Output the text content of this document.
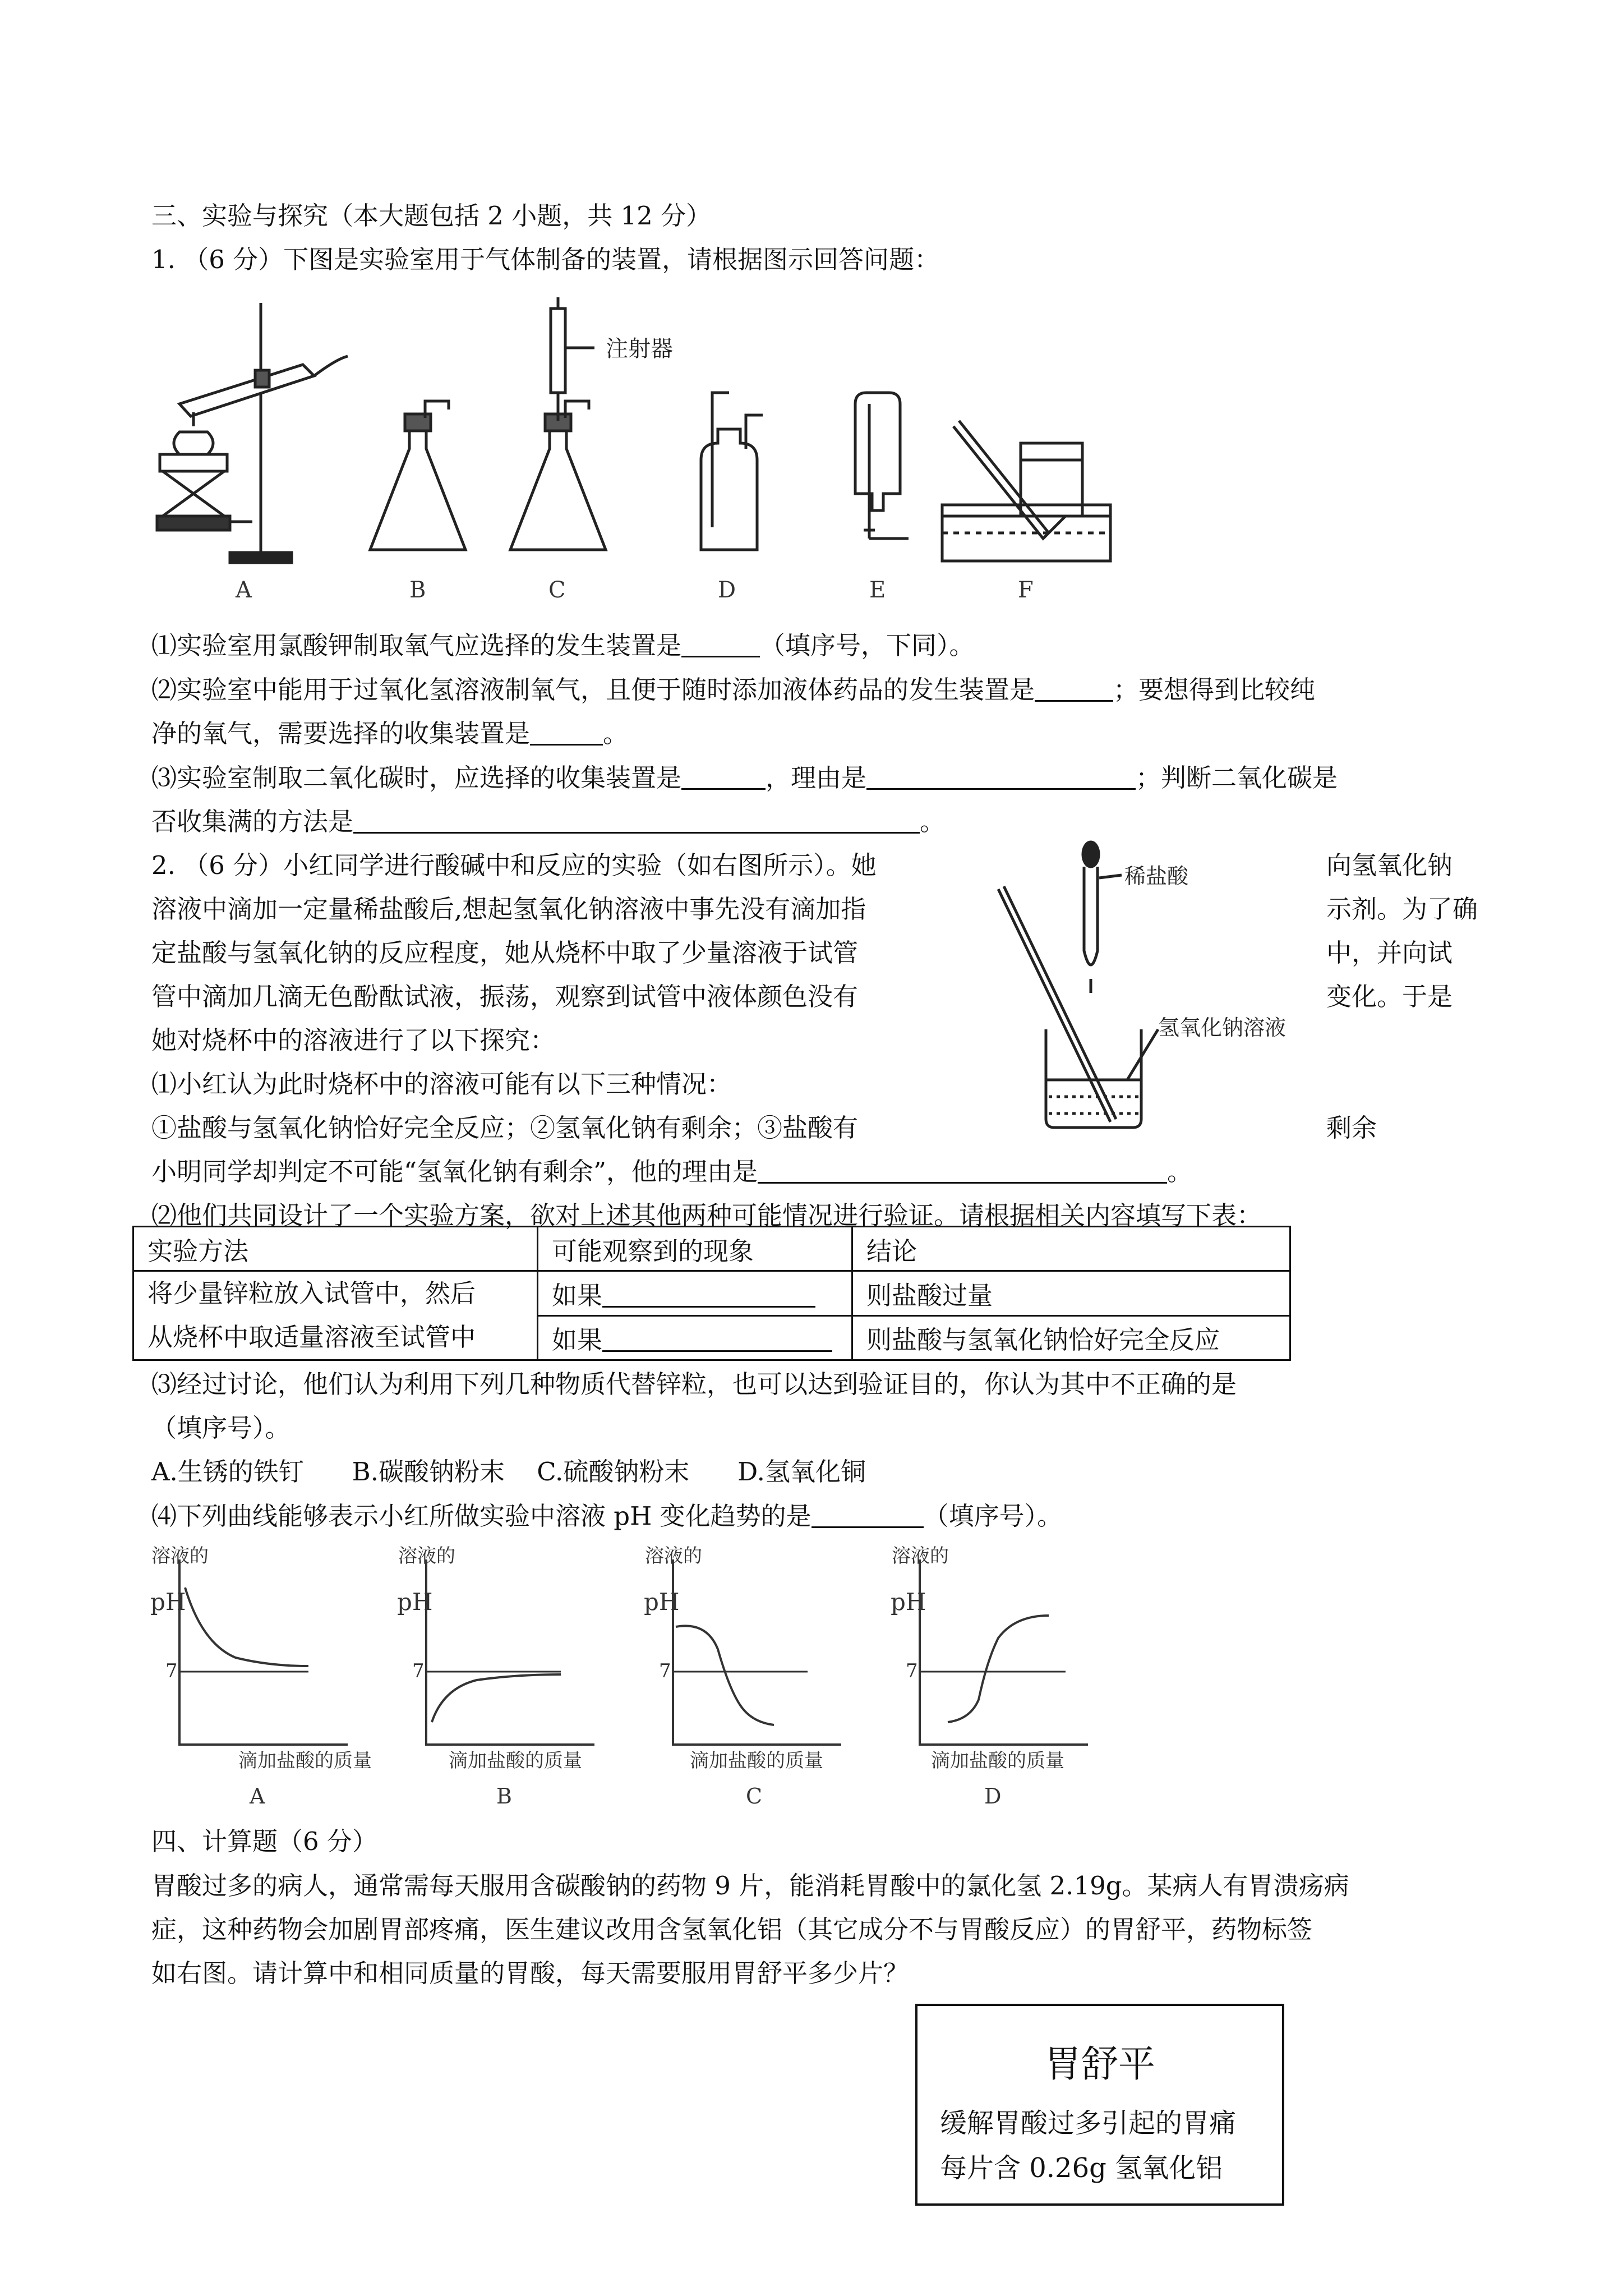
三、实验与探究（本大题包括 2 小题，共 12 分）
1. （6 分）下图是实验室用于气体制备的装置，请根据图示回答问题：
注射器
A	B	C	D	E	F
⑴实验室用氯酸钾制取氧气应选择的发生装置是	（填序号，下同）。
⑵实验室中能用于过氧化氢溶液制氧气，且便于随时添加液体药品的发生装置是	；要想得到比较纯
净的氧气，需要选择的收集装置是	。
⑶实验室制取二氧化碳时，应选择的收集装置是	，理由是	；判断二氧化碳是
否收集满的方法是	。
2. （6 分）小红同学进行酸碱中和反应的实验（如右图所示）。她	向氢氧化钠
溶液中滴加一定量稀盐酸后,想起氢氧化钠溶液中事先没有滴加指	示剂。为了确
定盐酸与氢氧化钠的反应程度，她从烧杯中取了少量溶液于试管	中，并向试
管中滴加几滴无色酚酞试液，振荡，观察到试管中液体颜色没有	变化。于是
她对烧杯中的溶液进行了以下探究：
⑴小红认为此时烧杯中的溶液可能有以下三种情况：
①盐酸与氢氧化钠恰好完全反应；②氢氧化钠有剩余；③盐酸有	剩余
稀盐酸
氢氧化钠溶液
小明同学却判定不可能“氢氧化钠有剩余”，他的理由是	。
⑵他们共同设计了一个实验方案，欲对上述其他两种可能情况进行验证。请根据相关内容填写下表：
实验方法	可能观察到的现象	结论

将少量锌粒放入试管中，然后
从烧杯中取适量溶液至试管中	如果	则盐酸过量
	如果	则盐酸与氢氧化钠恰好完全反应
⑶经过讨论，他们认为利用下列几种物质代替锌粒，也可以达到验证目的，你认为其中不正确的是
（填序号）。
A.生锈的铁钉      B.碳酸钠粉末    C.硫酸钠粉末      D.氢氧化铜
⑷下列曲线能够表示小红所做实验中溶液 pH 变化趋势的是	（填序号）。
溶液的
pH
7
滴加盐酸的质量
A
溶液的
pH
7
滴加盐酸的质量
B
溶液的
pH
7
滴加盐酸的质量
C
溶液的
pH
7
滴加盐酸的质量
D
四、计算题（6 分）
胃酸过多的病人，通常需每天服用含碳酸钠的药物 9 片，能消耗胃酸中的氯化氢 2.19g。某病人有胃溃疡病
症，这种药物会加剧胃部疼痛，医生建议改用含氢氧化铝（其它成分不与胃酸反应）的胃舒平，药物标签
如右图。请计算中和相同质量的胃酸，每天需要服用胃舒平多少片？
胃舒平
缓解胃酸过多引起的胃痛
每片含 0.26g 氢氧化铝
